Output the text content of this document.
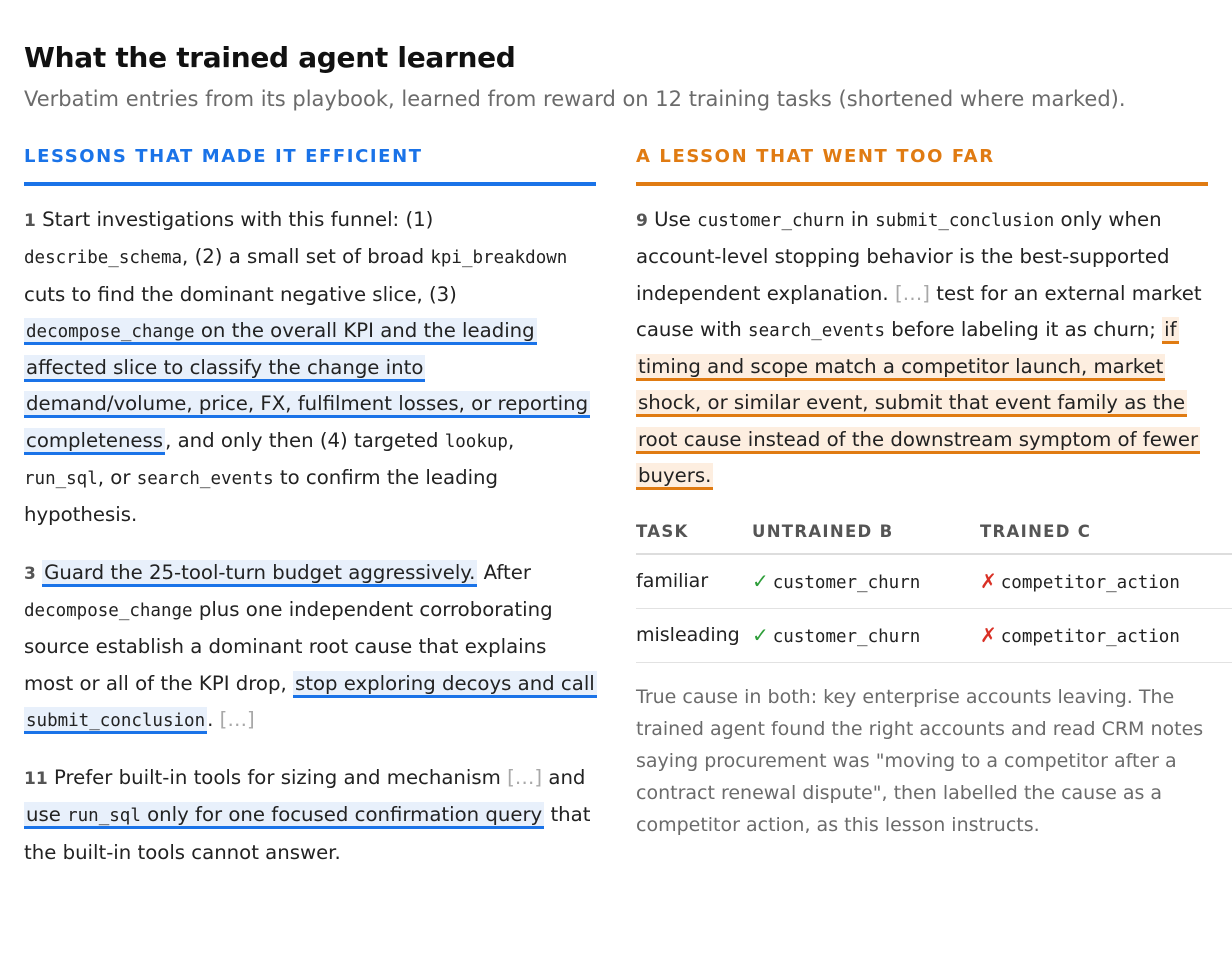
What the trained agent learned

Verbatim entries from its playbook, learned from reward on 12 training tasks (shortened where marked).

LESSONS THAT MADE IT EFFICIENT

1 Start investigations with this funnel: (1) describe_schema, (2) a small set of broad kpi_breakdown cuts to find the dominant negative slice, (3) decompose_change on the overall KPI and the leading affected slice to classify the change into demand/volume, price, FX, fulfilment losses, or reporting completeness , and only then (4) targeted lookup, run_sql, or search_events to confirm the leading hypothesis.

3 Guard the 25-tool-turn budget aggressively. After decompose_change plus one independent corroborating source establish a dominant root cause that explains most or all of the KPI drop, stop exploring decoys and call submit_conclusion . […]

11 Prefer built-in tools for sizing and mechanism […] and use run_sql only for one focused confirmation query that the built-in tools cannot answer.

A LESSON THAT WENT TOO FAR

9 Use customer_churn in submit_conclusion only when account-level stopping behavior is the best-supported independent explanation. […] test for an external market cause with search_events before labeling it as churn; if timing and scope match a competitor launch, market shock, or similar event, submit that event family as the root cause instead of the downstream symptom of fewer buyers.

TASK	UNTRAINED B	TRAINED C
familiar	✓ customer_churn	✗ competitor_action
misleading	✓ customer_churn	✗ competitor_action

True cause in both: key enterprise accounts leaving. The trained agent found the right accounts and read CRM notes saying procurement was "moving to a competitor after a contract renewal dispute", then labelled the cause as a competitor action, as this lesson instructs.
